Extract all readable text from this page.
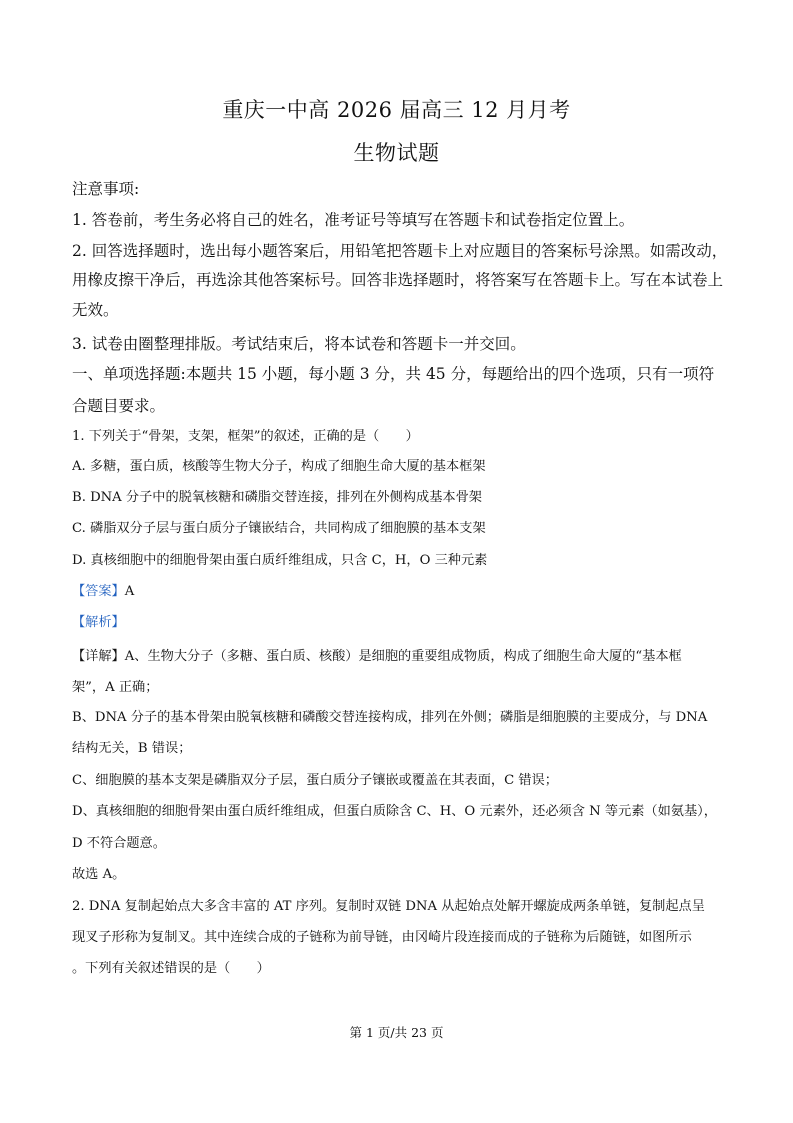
重庆一中高 2026 届高三 12 月月考
生物试题
注意事项:
1. 答卷前，考生务必将自己的姓名，准考证号等填写在答题卡和试卷指定位置上。
2. 回答选择题时，选出每小题答案后，用铅笔把答题卡上对应题目的答案标号涂黑。如需改动，
用橡皮擦干净后，再选涂其他答案标号。回答非选择题时，将答案写在答题卡上。写在本试卷上
无效。
3. 试卷由圈整理排版。考试结束后，将本试卷和答题卡一并交回。
一、单项选择题:本题共 15 小题，每小题 3 分，共 45 分，每题给出的四个选项，只有一项符
合题目要求。
1. 下列关于“骨架，支架，框架”的叙述，正确的是（　　）
A. 多糖，蛋白质，核酸等生物大分子，构成了细胞生命大厦的基本框架
B. DNA 分子中的脱氧核糖和磷脂交替连接，排列在外侧构成基本骨架
C. 磷脂双分子层与蛋白质分子镶嵌结合，共同构成了细胞膜的基本支架
D. 真核细胞中的细胞骨架由蛋白质纤维组成，只含 C，H，O 三种元素
【答案】A
【解析】
【详解】A、生物大分子（多糖、蛋白质、核酸）是细胞的重要组成物质，构成了细胞生命大厦的“基本框
架”，A 正确；
B、DNA 分子的基本骨架由脱氧核糖和磷酸交替连接构成，排列在外侧；磷脂是细胞膜的主要成分，与 DNA
结构无关，B 错误；
C、细胞膜的基本支架是磷脂双分子层，蛋白质分子镶嵌或覆盖在其表面，C 错误；
D、真核细胞的细胞骨架由蛋白质纤维组成，但蛋白质除含 C、H、O 元素外，还必须含 N 等元素（如氨基），
D 不符合题意。
故选 A。
2. DNA 复制起始点大多含丰富的 AT 序列。复制时双链 DNA 从起始点处解开螺旋成两条单链，复制起点呈
现叉子形称为复制叉。其中连续合成的子链称为前导链，由冈崎片段连接而成的子链称为后随链，如图所示
。下列有关叙述错误的是（　　）
第 1 页/共 23 页
